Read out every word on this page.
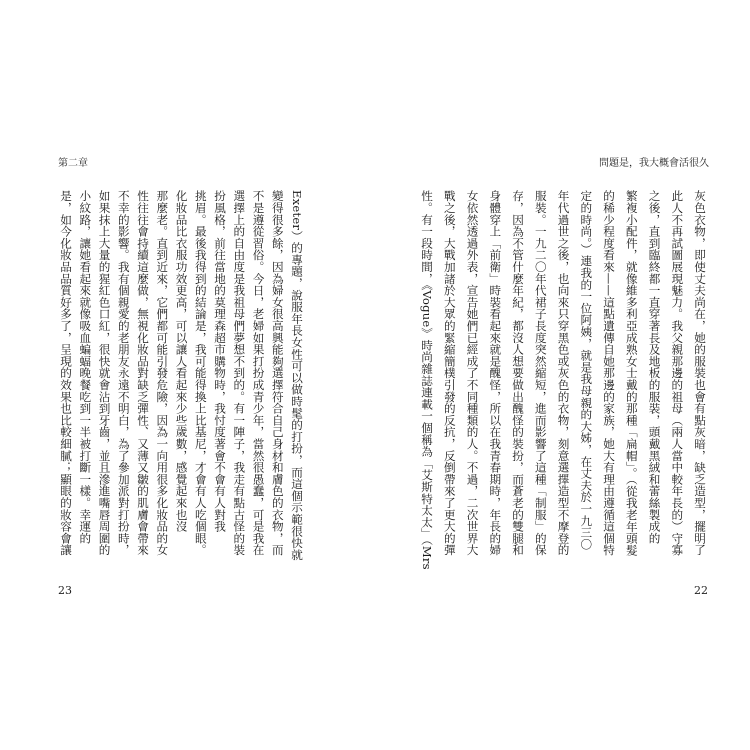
問題是，我大概會活很久
灰色衣物，即使丈夫尚在，她的服裝也會有點灰暗，缺乏造型，擺明了
此人不再試圖展現魅力。我父親那邊的祖母（兩人當中較年長的）守寡
之後，直到臨終都一直穿著長及地板的服裝，頭戴黑絨和蕾絲製成的
繁複小配件，就像維多利亞成熟女士戴的那種「扁帽」。（從我老年頭髮
的稀少程度看來——這點遺傳自她那邊的家族，她大有理由遵循這個特
定的時尚。）連我的一位阿姨，就是我母親的大姊，在丈夫於一九三〇
年代過世之後，也向來只穿黑色或灰色的衣物，刻意選擇造型不摩登的
服裝。一九二〇年代裙子長度突然縮短，進而影響了這種「制服」的保
存，因為不管什麼年紀，都沒人想要做出醜怪的裝扮，而蒼老的雙腿和
身體穿上「前衛」時裝看起來就是醜怪，所以在我青春期時，年長的婦
女依然透過外表，宣告她們已經成了不同種類的人。不過，二次世界大
戰之後，大戰加諸於大眾的緊縮簡樸引發的反抗，反倒帶來了更大的彈
性。有一段時間，《Vogue》時尚雜誌連載一個稱為「艾斯特太太」（Mrs
22
第二章
Exeter）的專題，說服年長女性可以做時髦的打扮，而這個示範很快就
變得很多餘，因為婦女很高興能夠選擇符合自己身材和膚色的衣物，而
不是遵從習俗。今日，老婦如果打扮成青少年，當然很愚蠢，可是我在
選擇上的自由度是我祖母們夢想不到的。有一陣子，我走有點古怪的裝
扮風格，前往當地的莫理森超市購物時，我忖度著會不會有人對我
挑眉。最後我得到的結論是，我可能得換上比基尼，才會有人吃個眼。
化妝品比衣服功效更高，可以讓人看起來少些歲數，感覺起來也沒
那麼老。直到近來，它們都可能引發危險，因為一向用很多化妝品的女
性往往會持續這麼做，無視化妝品對缺乏彈性、又薄又皺的肌膚會帶來
不幸的影響。我有個親愛的老朋友永遠不明白，為了參加派對打扮時，
如果抹上大量的猩紅色口紅，很快就會沾到牙齒，並且滲進嘴唇周圍的
小紋路，讓她看起來就像吸血蝙蝠晚餐吃到一半被打斷一樣。幸運的
是，如今化妝品品質好多了，呈現的效果也比較細膩；顯眼的妝容會讓
23
